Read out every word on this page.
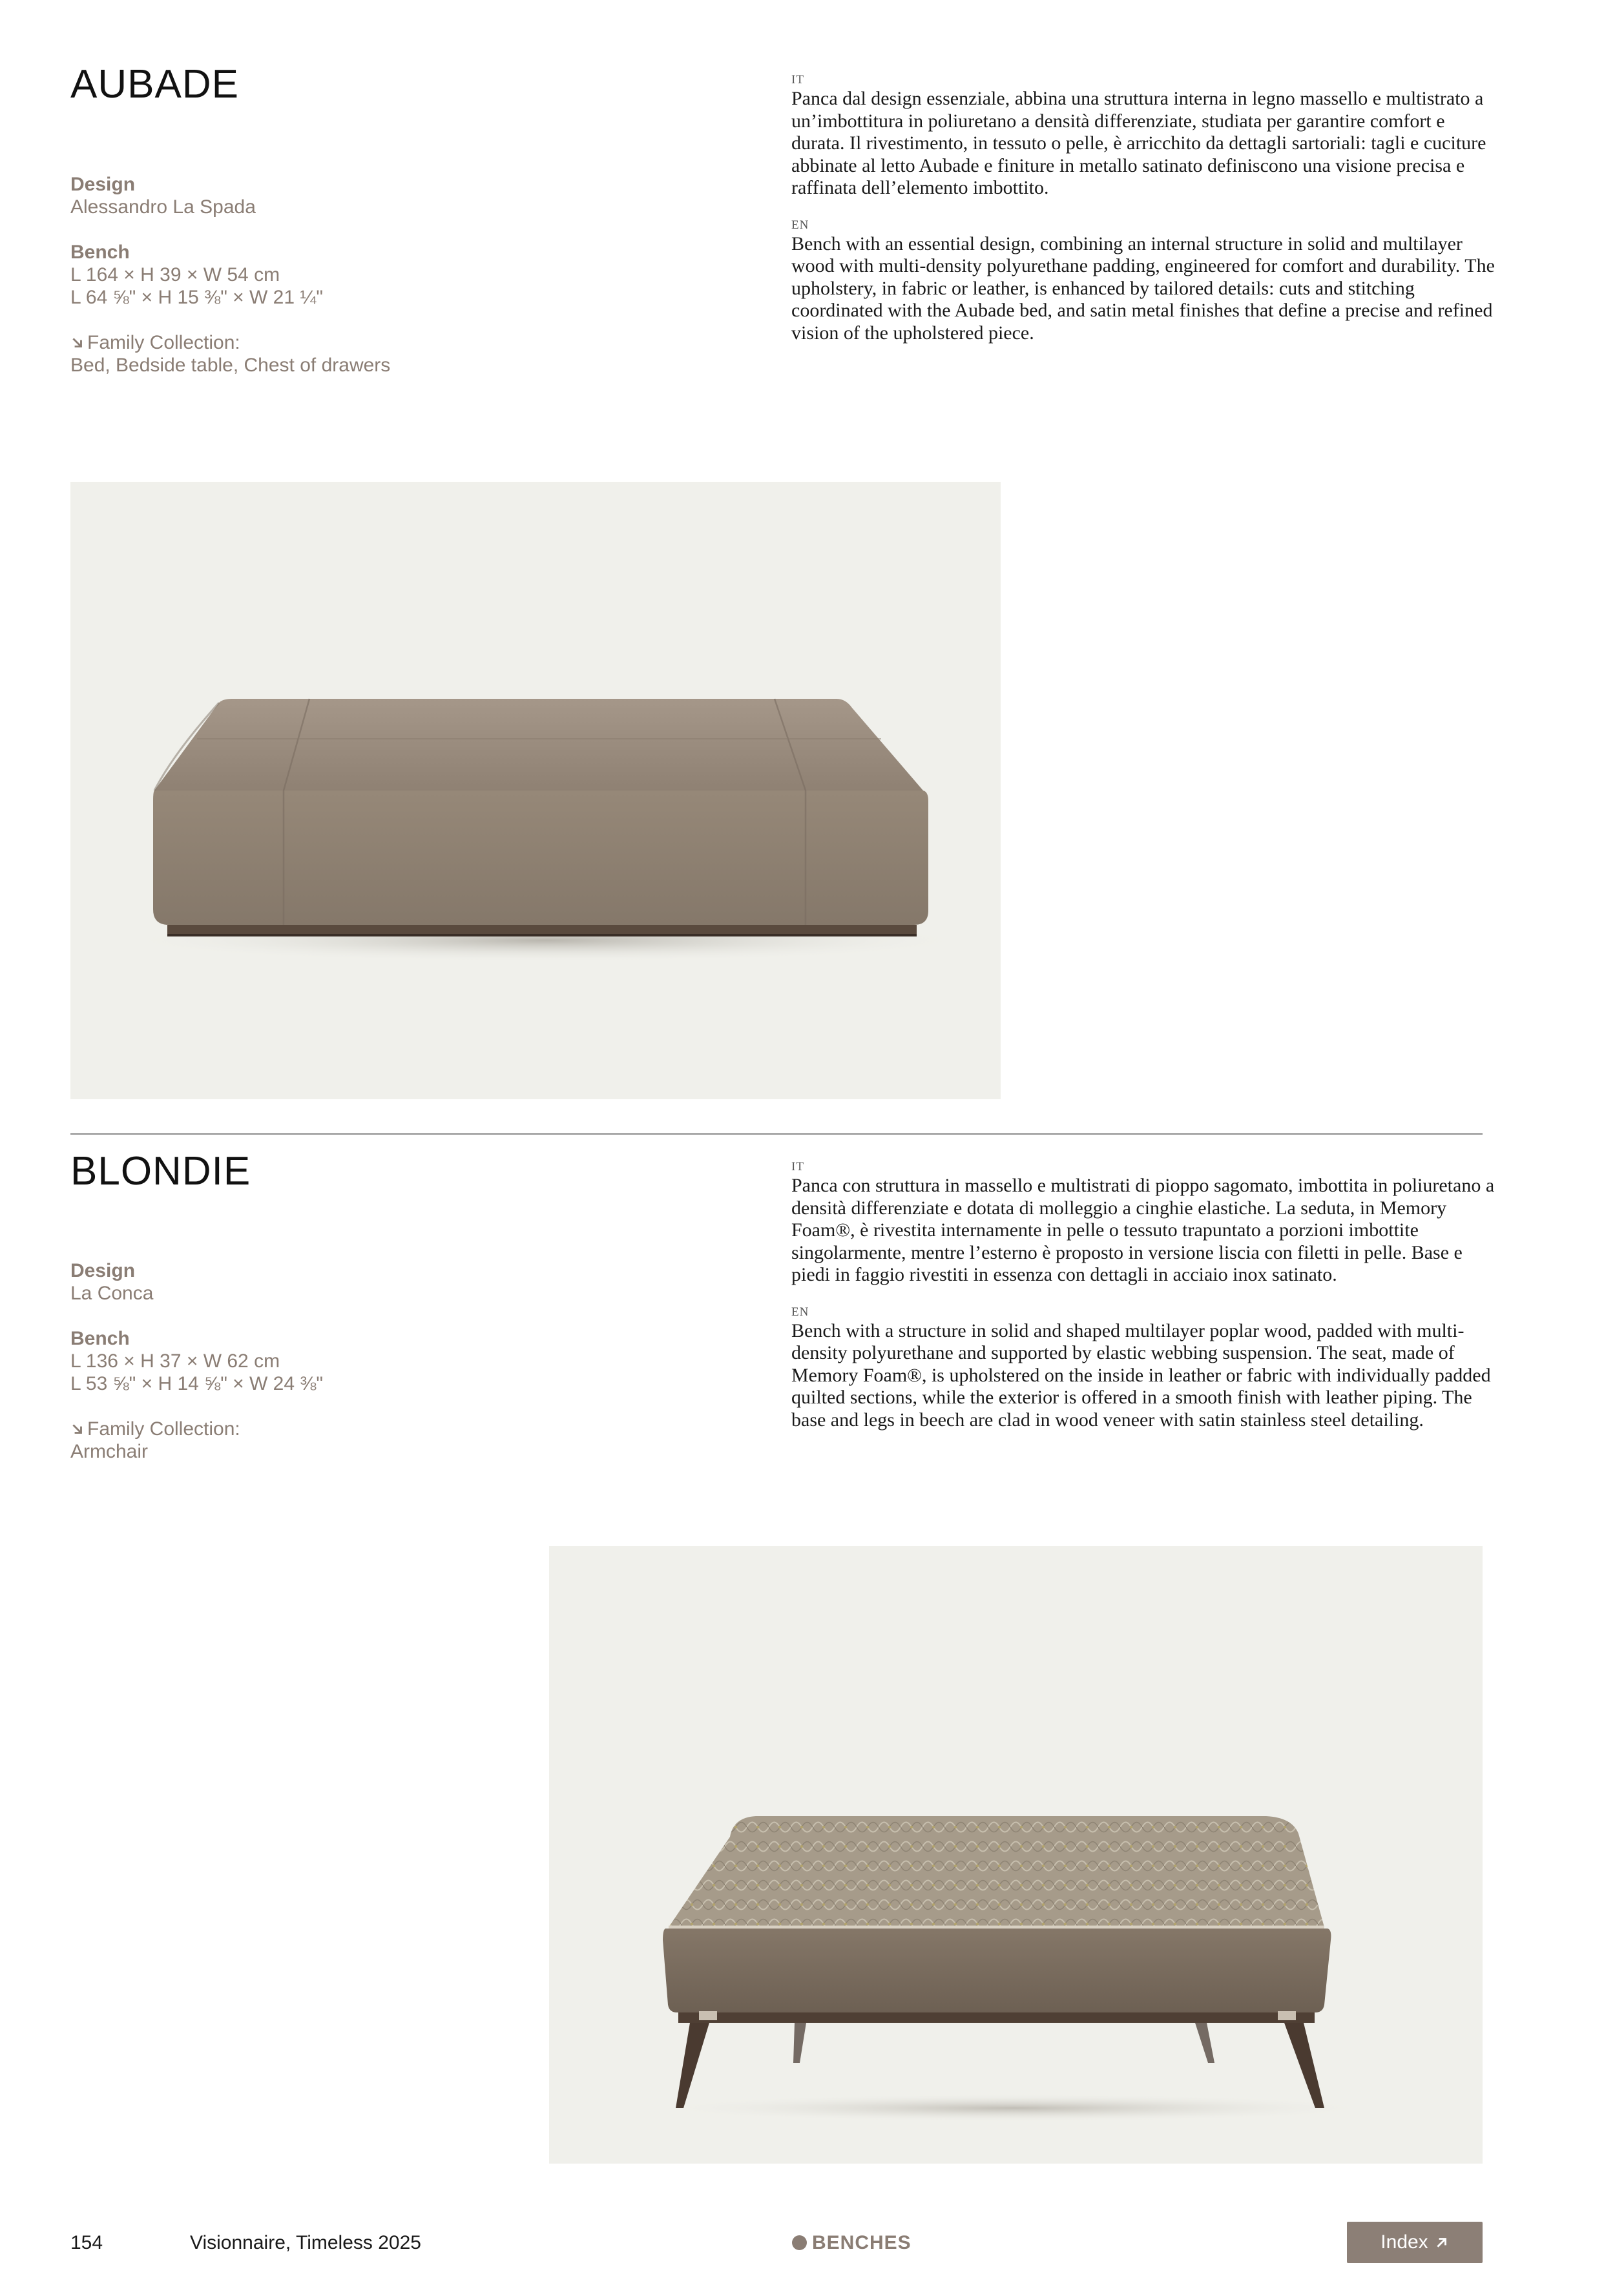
AUBADE
Design
Alessandro La Spada
Bench
L 164 × H 39 × W 54 cm
L 64 ⅝" × H 15 ⅜" × W 21 ¼"
Family Collection:
Bed, Bedside table, Chest of drawers
IT
Panca dal design essenziale, abbina una struttura interna in legno massello e multistrato a un’imbottitura in poliuretano a densità differenziate, studiata per garantire comfort e durata. Il rivestimento, in tessuto o pelle, è arricchito da dettagli sartoriali: tagli e cuciture abbinate al letto Aubade e finiture in metallo satinato definiscono una visione precisa e raffinata dell’elemento imbottito.
EN
Bench with an essential design, combining an internal structure in solid and multilayer wood with multi-density polyurethane padding, engineered for comfort and durability. The upholstery, in fabric or leather, is enhanced by tailored details: cuts and stitching coordinated with the Aubade bed, and satin metal finishes that define a precise and refined vision of the upholstered piece.
BLONDIE
Design
La Conca
Bench
L 136 × H 37 × W 62 cm
L 53 ⅝" × H 14 ⅝" × W 24 ⅜"
Family Collection:
Armchair
IT
Panca con struttura in massello e multistrati di pioppo sagomato, imbottita in poliuretano a densità differenziate e dotata di molleggio a cinghie elastiche. La seduta, in Memory Foam®, è rivestita internamente in pelle o tessuto trapuntato a porzioni imbottite singolarmente, mentre l’esterno è proposto in versione liscia con filetti in pelle. Base e piedi in faggio rivestiti in essenza con dettagli in acciaio inox satinato.
EN
Bench with a structure in solid and shaped multilayer poplar wood, padded with multi-density polyurethane and supported by elastic webbing suspension. The seat, made of Memory Foam®, is upholstered on the inside in leather or fabric with individually padded quilted sections, while the exterior is offered in a smooth finish with leather piping. The base and legs in beech are clad in wood veneer with satin stainless steel detailing.
154	Visionnaire, Timeless 2025	BENCHES	Index
